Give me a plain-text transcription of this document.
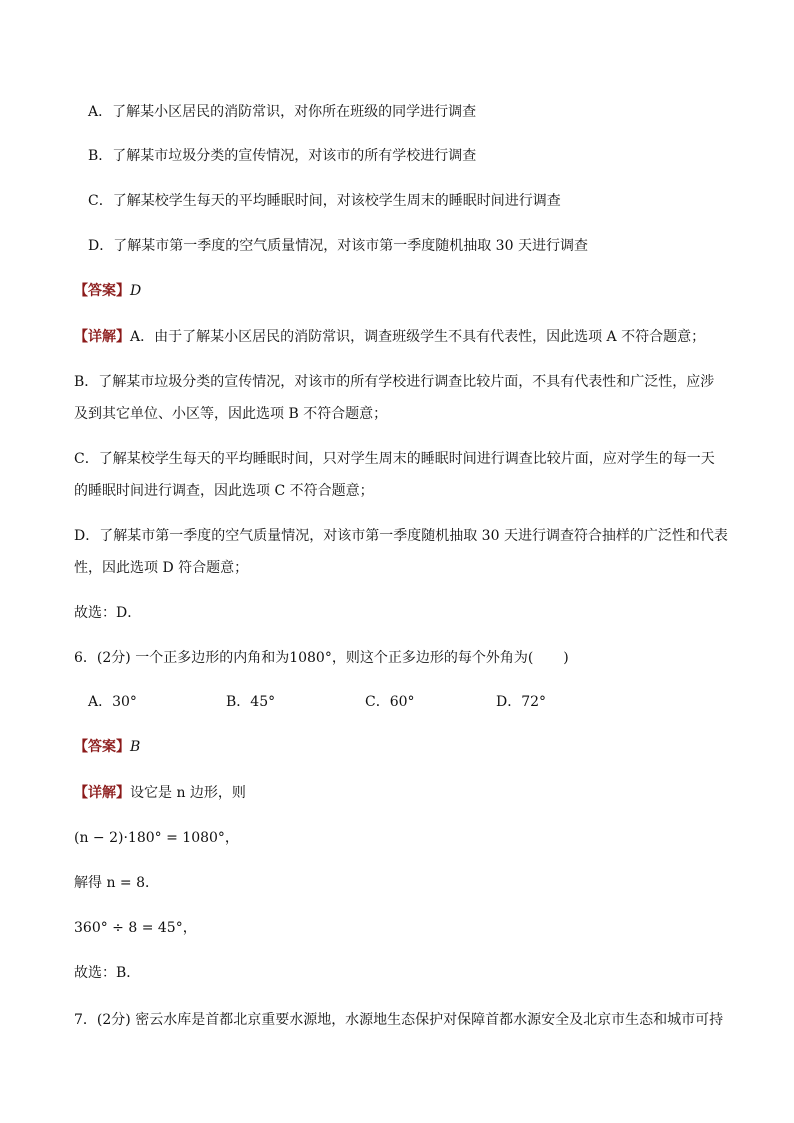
A．了解某小区居民的消防常识，对你所在班级的同学进行调查
B．了解某市垃圾分类的宣传情况，对该市的所有学校进行调查
C．了解某校学生每天的平均睡眠时间，对该校学生周末的睡眠时间进行调查
D．了解某市第一季度的空气质量情况，对该市第一季度随机抽取 30 天进行调查
【答案】D
【详解】A．由于了解某小区居民的消防常识，调查班级学生不具有代表性，因此选项 A 不符合题意；
B．了解某市垃圾分类的宣传情况，对该市的所有学校进行调查比较片面，不具有代表性和广泛性，应涉
及到其它单位、小区等，因此选项 B 不符合题意；
C．了解某校学生每天的平均睡眠时间，只对学生周末的睡眠时间进行调查比较片面，应对学生的每一天
的睡眠时间进行调查，因此选项 C 不符合题意；
D．了解某市第一季度的空气质量情况，对该市第一季度随机抽取 30 天进行调查符合抽样的广泛性和代表
性，因此选项 D 符合题意；
故选：D．
6．(2分) 一个正多边形的内角和为1080°，则这个正多边形的每个外角为( )
A．30°	B．45°	C．60°	D．72°
【答案】B
【详解】设它是 n 边形，则
(n − 2)·180° = 1080°，
解得 n = 8．
360° ÷ 8 = 45°，
故选：B．
7．(2分) 密云水库是首都北京重要水源地，水源地生态保护对保障首都水源安全及北京市生态和城市可持
